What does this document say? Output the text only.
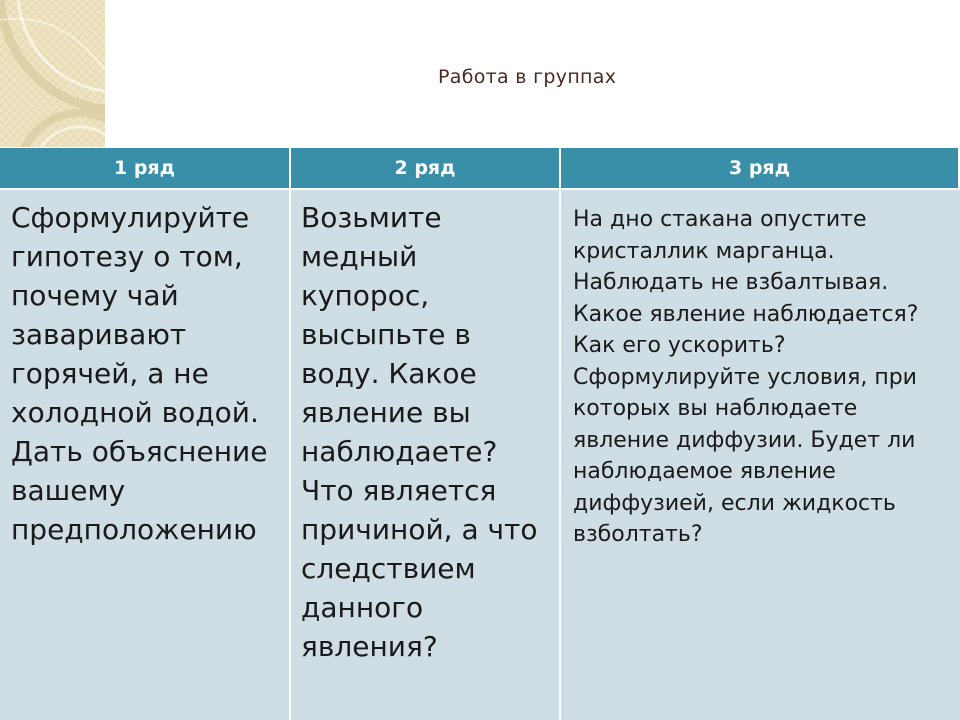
Работа в группах
1 ряд	2 ряд	3 ряд
Сформулируйте гипотезу о том, почему чай заваривают горячей, а не холодной водой. Дать объяснение вашему предположению
Возьмите медный купорос, высыпьте в воду. Какое явление вы наблюдаете? Что является причиной, а что следствием данного явления?
На дно стакана опустите кристаллик марганца. Наблюдать не взбалтывая. Какое явление наблюдается? Как его ускорить? Сформулируйте условия, при которых вы наблюдаете явление диффузии. Будет ли наблюдаемое явление диффузией, если жидкость взболтать?
